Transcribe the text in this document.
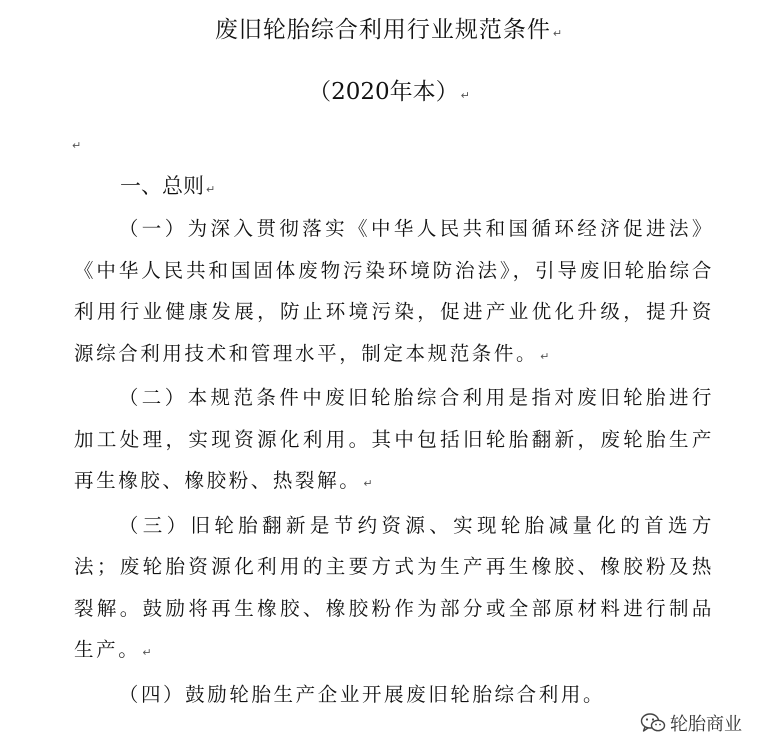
废旧轮胎综合利用行业规范条件 ↵
（2020年本） ↵
↵
一、总则 ↵

（一）为深入贯彻落实《中华人民共和国循环经济促进法》《中华人民共和国固体废物污染环境防治法》，引导废旧轮胎综合利用行业健康发展，防止环境污染，促进产业优化升级，提升资源综合利用技术和管理水平，制定本规范条件。 ↵

（二）本规范条件中废旧轮胎综合利用是指对废旧轮胎进行加工处理，实现资源化利用。其中包括旧轮胎翻新，废轮胎生产再生橡胶、橡胶粉、热裂解。 ↵

（三）旧轮胎翻新是节约资源、实现轮胎减量化的首选方法；废轮胎资源化利用的主要方式为生产再生橡胶、橡胶粉及热裂解。鼓励将再生橡胶、橡胶粉作为部分或全部原材料进行制品生产。 ↵

（四）鼓励轮胎生产企业开展废旧轮胎综合利用。

轮胎商业
